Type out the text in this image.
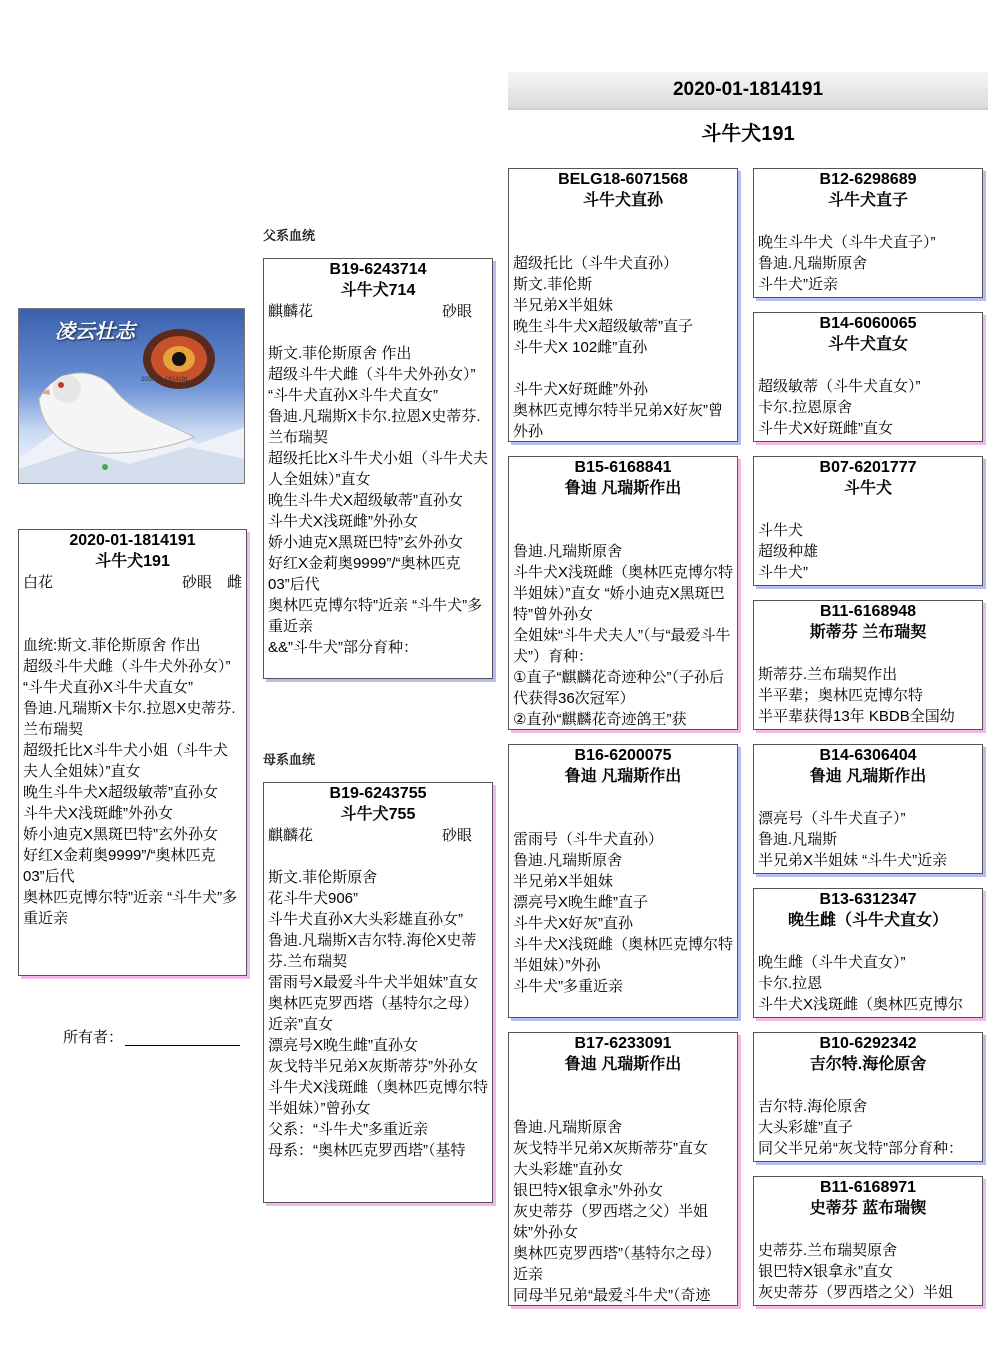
2020-01-1814191
斗牛犬191
凌云壮志
2020-01-1814191
2020-01-1814191
斗牛犬191
白花	砂眼 雌
血统:斯文.菲伦斯原舍 作出
超级斗牛犬雌（斗牛犬外孙女）”
“斗牛犬直孙X斗牛犬直女”
鲁迪.凡瑞斯X卡尔.拉恩X史蒂芬.兰布瑞契
超级托比X斗牛犬小姐（斗牛犬夫人全姐妹）”直女
晚生斗牛犬X超级敏蒂”直孙女
斗牛犬X浅斑雌”外孙女
娇小迪克X黑斑巴特”玄外孙女
好红X金莉奥9999”/“奥林匹克03”后代
奥林匹克博尔特”近亲 “斗牛犬”多重近亲
所有者：
父系血统
母系血统
B19-6243714
斗牛犬714
麒麟花	砂眼
斯文.菲伦斯原舍 作出
超级斗牛犬雌（斗牛犬外孙女）”
“斗牛犬直孙X斗牛犬直女”
鲁迪.凡瑞斯X卡尔.拉恩X史蒂芬.兰布瑞契
超级托比X斗牛犬小姐（斗牛犬夫人全姐妹）”直女
晚生斗牛犬X超级敏蒂”直孙女
斗牛犬X浅斑雌”外孙女
娇小迪克X黑斑巴特”玄外孙女
好红X金莉奥9999”/“奥林匹克03”后代
奥林匹克博尔特”近亲 “斗牛犬”多重近亲
&&”斗牛犬”部分育种：
B19-6243755
斗牛犬755
麒麟花	砂眼
斯文.菲伦斯原舍
花斗牛犬906”
斗牛犬直孙X大头彩雄直孙女”
鲁迪.凡瑞斯X吉尔特.海伦X史蒂芬.兰布瑞契
雷雨号X最爱斗牛犬半姐妹”直女
奥林匹克罗西塔（基特尔之母）近亲”直女
漂亮号X晚生雌”直孙女
灰戈特半兄弟X灰斯蒂芬”外孙女
斗牛犬X浅斑雌（奥林匹克博尔特半姐妹）”曾孙女
父系：“斗牛犬”多重近亲
母系：“奥林匹克罗西塔”（基特
BELG18-6071568
斗牛犬直孙
超级托比（斗牛犬直孙）
斯文.菲伦斯
半兄弟X半姐妹
晚生斗牛犬X超级敏蒂”直子
斗牛犬X 102雌”直孙

斗牛犬X好斑雌”外孙
奥林匹克博尔特半兄弟X好灰”曾外孙
B15-6168841
鲁迪 凡瑞斯作出
鲁迪.凡瑞斯原舍
斗牛犬X浅斑雌（奥林匹克博尔特半姐妹）”直女 “娇小迪克X黑斑巴特”曾外孙女
全姐妹“斗牛犬夫人”（与“最爱斗牛犬”）育种：
①直子“麒麟花奇迹种公”（子孙后代获得36次冠军）
②直孙“麒麟花奇迹鸽王”获
B16-6200075
鲁迪 凡瑞斯作出
雷雨号（斗牛犬直孙）
鲁迪.凡瑞斯原舍
半兄弟X半姐妹
漂亮号X晚生雌”直子
斗牛犬X好灰”直孙
斗牛犬X浅斑雌（奥林匹克博尔特半姐妹）”外孙
斗牛犬”多重近亲
B17-6233091
鲁迪 凡瑞斯作出
鲁迪.凡瑞斯原舍
灰戈特半兄弟X灰斯蒂芬”直女
大头彩雄”直孙女
银巴特X银拿永”外孙女
灰史蒂芬（罗西塔之父）半姐妹”外孙女
奥林匹克罗西塔”（基特尔之母）近亲
同母半兄弟“最爱斗牛犬”（奇迹
B12-6298689
斗牛犬直子
晚生斗牛犬（斗牛犬直子）”
鲁迪.凡瑞斯原舍
斗牛犬”近亲
B14-6060065
斗牛犬直女
超级敏蒂（斗牛犬直女）”
卡尔.拉恩原舍
斗牛犬X好斑雌”直女
B07-6201777
斗牛犬
斗牛犬
超级种雄
斗牛犬”
B11-6168948
斯蒂芬 兰布瑞契
斯蒂芬.兰布瑞契作出
半平辈；奥林匹克博尔特
半平辈获得13年 KBDB全国幼
B14-6306404
鲁迪 凡瑞斯作出
漂亮号（斗牛犬直子）”
鲁迪.凡瑞斯
半兄弟X半姐妹 “斗牛犬”近亲
B13-6312347
晚生雌（斗牛犬直女）
晚生雌（斗牛犬直女）”
卡尔.拉恩
斗牛犬X浅斑雌（奥林匹克博尔
B10-6292342
吉尔特.海伦原舍
吉尔特.海伦原舍
大头彩雄”直子
同父半兄弟“灰戈特”部分育种：
B11-6168971
史蒂芬 蓝布瑞锲
史蒂芬.兰布瑞契原舍
银巴特X银拿永”直女
灰史蒂芬（罗西塔之父）半姐
